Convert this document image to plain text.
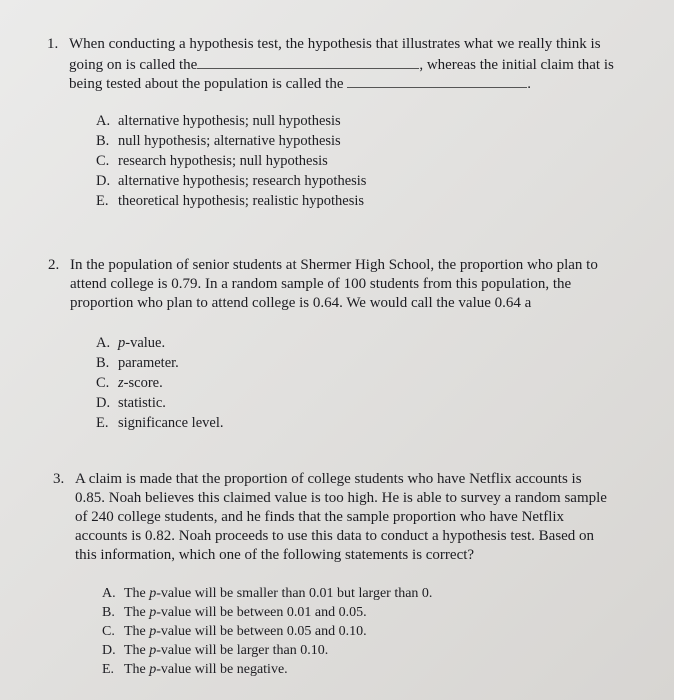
1. When conducting a hypothesis test, the hypothesis that illustrates what we really think is
going on is called the	, whereas the initial claim that is
being tested about the population is called the	.
A. alternative hypothesis; null hypothesis
B. null hypothesis; alternative hypothesis
C. research hypothesis; null hypothesis
D. alternative hypothesis; research hypothesis
E. theoretical hypothesis; realistic hypothesis
2. In the population of senior students at Shermer High School, the proportion who plan to
attend college is 0.79. In a random sample of 100 students from this population, the
proportion who plan to attend college is 0.64. We would call the value 0.64 a
A. p-value.
B. parameter.
C. z-score.
D. statistic.
E. significance level.
3. A claim is made that the proportion of college students who have Netflix accounts is
0.85. Noah believes this claimed value is too high. He is able to survey a random sample
of 240 college students, and he finds that the sample proportion who have Netflix
accounts is 0.82. Noah proceeds to use this data to conduct a hypothesis test. Based on
this information, which one of the following statements is correct?
A. The p-value will be smaller than 0.01 but larger than 0.
B. The p-value will be between 0.01 and 0.05.
C. The p-value will be between 0.05 and 0.10.
D. The p-value will be larger than 0.10.
E. The p-value will be negative.
